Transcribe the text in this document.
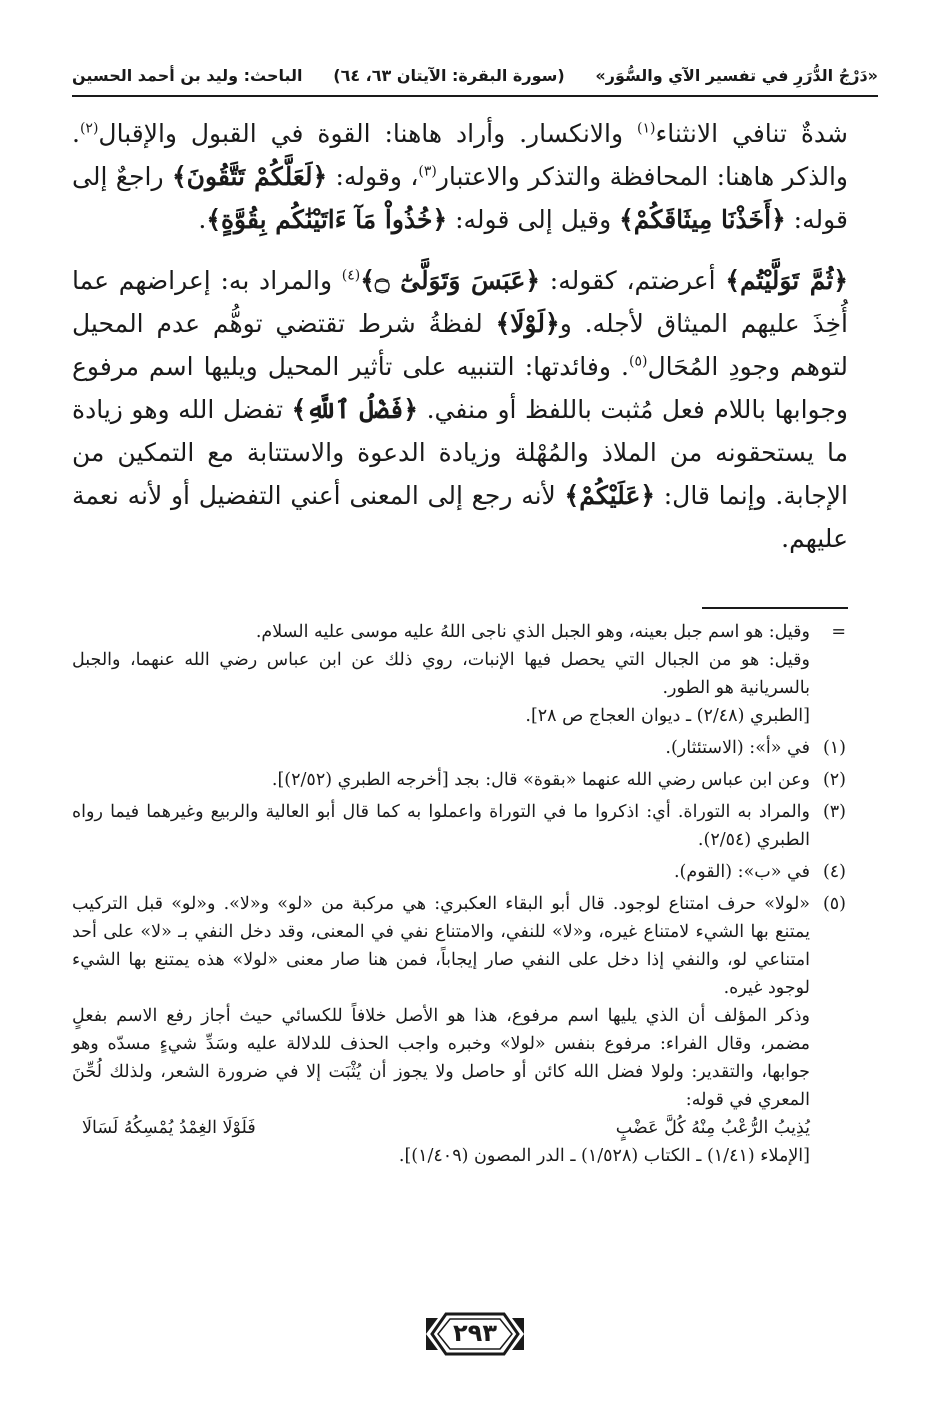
«دَرْجُ الدُّرَرِ في تفسير الآي والسُّوَر»
(سورة البقرة: الآيتان ٦٣، ٦٤)
الباحث: وليد بن أحمد الحسين

شدةٌ تنافي الانثناء$^{(١)}$ والانكسار. وأراد هاهنا: القوة في القبول والإقبال$^{(٢)}$. والذكر هاهنا: المحافظة والتذكر والاعتبار$^{(٣)}$، وقوله: ﴿لَعَلَّكُمْ تَتَّقُونَ﴾ راجعٌ إلى قوله: ﴿أَخَذْنَا مِيثَاقَكُمْ﴾ وقيل إلى قوله: ﴿خُذُواْ مَآ ءَاتَيْنَٰكُم بِقُوَّةٍ﴾.

﴿ثُمَّ تَوَلَّيْتُم﴾ أعرضتم، كقوله: ﴿عَبَسَ وَتَوَلَّىٰٓ ۝﴾$^{(٤)}$ والمراد به: إعراضهم عما أُخِذَ عليهم الميثاق لأجله. و﴿لَوْلَا﴾ لفظةُ شرط تقتضي توهُّم عدم المحيل لتوهم وجودِ المُحَال$^{(٥)}$. وفائدتها: التنبيه على تأثير المحيل ويليها اسم مرفوع وجوابها باللام فعل مُثبت باللفظ أو منفي. ﴿فَضْلُ ٱللَّهِ﴾ تفضل الله وهو زيادة ما يستحقونه من الملاذ والمُهْلة وزيادة الدعوة والاستتابة مع التمكين من الإجابة. وإنما قال: ﴿عَلَيْكُمْ﴾ لأنه رجع إلى المعنى أعني التفضيل أو لأنه نعمة عليهم.

=
وقيل: هو اسم جبل بعينه، وهو الجبل الذي ناجى اللهُ عليه موسى عليه السلام.
وقيل: هو من الجبال التي يحصل فيها الإنبات، روي ذلك عن ابن عباس رضي الله عنهما، والجبل بالسريانية هو الطور.
[الطبري (٢/٤٨) ـ ديوان العجاج ص ٢٨].
(١)
في «أ»: (الاستئثار).
(٢)
وعن ابن عباس رضي الله عنهما «بقوة» قال: بجد [أخرجه الطبري (٢/٥٢)].
(٣)
والمراد به التوراة. أي: اذكروا ما في التوراة واعملوا به كما قال أبو العالية والربيع وغيرهما فيما رواه الطبري (٢/٥٤).
(٤)
في «ب»: (القوم).
(٥)
«لولا» حرف امتناع لوجود. قال أبو البقاء العكبري: هي مركبة من «لو» و«لا». و«لو» قبل التركيب يمتنع بها الشيء لامتناع غيره، و«لا» للنفي، والامتناع نفي في المعنى، وقد دخل النفي بـ «لا» على أحد امتناعي لو، والنفي إذا دخل على النفي صار إيجاباً، فمن هنا صار معنى «لولا» هذه يمتنع بها الشيء لوجود غيره.
وذكر المؤلف أن الذي يليها اسم مرفوع، هذا هو الأصل خلافاً للكسائي حيث أجاز رفع الاسم بفعلٍ مضمر، وقال الفراء: مرفوع بنفس «لولا» وخبره واجب الحذف للدلالة عليه وسَدِّ شيءٍ مسدّه وهو جوابها، والتقدير: ولولا فضل الله كائن أو حاصل ولا يجوز أن يُثْبَت إلا في ضرورة الشعر، ولذلك لُحِّنَ المعري في قوله:
يُذِيبُ الرُّعْبُ مِنْهُ كُلَّ عَضْبٍ
فَلَوْلَا الغِمْدُ يُمْسِكُهُ لَسَالَا
[الإملاء (١/٤١) ـ الكتاب (١/٥٢٨) ـ الدر المصون (١/٤٠٩)].
٢٩٣
